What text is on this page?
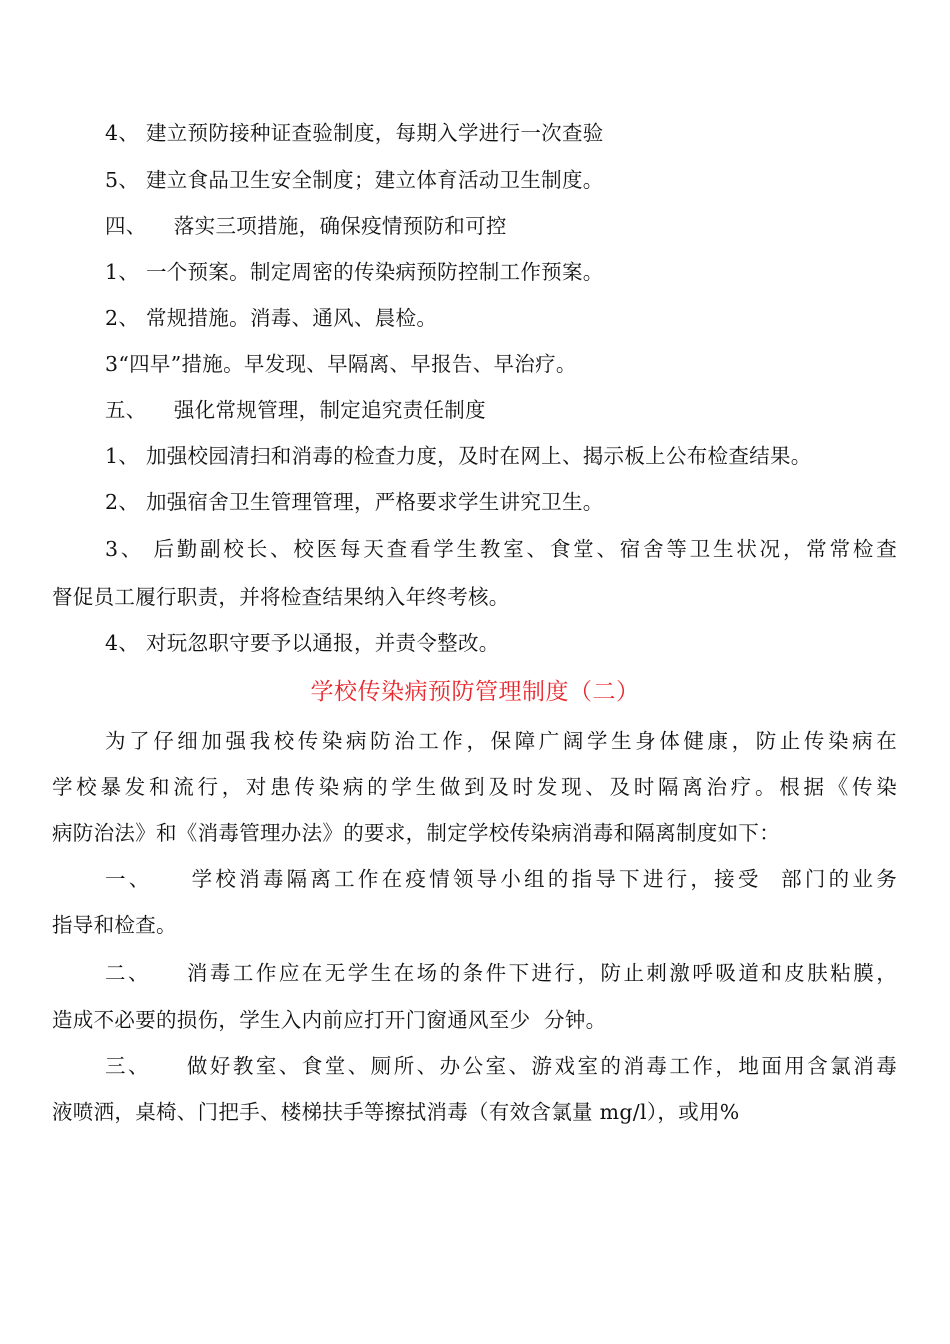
4、 建立预防接种证查验制度，每期入学进行一次查验
5、 建立食品卫生安全制度；建立体育活动卫生制度。
四、    落实三项措施，确保疫情预防和可控
1、 一个预案。制定周密的传染病预防控制工作预案。
2、 常规措施。消毒、通风、晨检。
3“四早”措施。早发现、早隔离、早报告、早治疗。
五、    强化常规管理，制定追究责任制度
1、 加强校园清扫和消毒的检查力度，及时在网上、揭示板上公布检查结果。
2、 加强宿舍卫生管理管理，严格要求学生讲究卫生。
3、 后勤副校长、校医每天查看学生教室、食堂、宿舍等卫生状况，常常检查
督促员工履行职责，并将检查结果纳入年终考核。
4、 对玩忽职守要予以通报，并责令整改。
学校传染病预防管理制度（二）
为了仔细加强我校传染病防治工作，保障广阔学生身体健康，防止传染病在
学校暴发和流行，对患传染病的学生做到及时发现、及时隔离治疗。根据《传染
病防治法》和《消毒管理办法》的要求，制定学校传染病消毒和隔离制度如下：
一、    学校消毒隔离工作在疫情领导小组的指导下进行，接受  部门的业务
指导和检查。
二、    消毒工作应在无学生在场的条件下进行，防止刺激呼吸道和皮肤粘膜，
造成不必要的损伤，学生入内前应打开门窗通风至少  分钟。
三、    做好教室、食堂、厕所、办公室、游戏室的消毒工作，地面用含氯消毒
液喷洒，桌椅、门把手、楼梯扶手等擦拭消毒（有效含氯量 mg/l），或用%
